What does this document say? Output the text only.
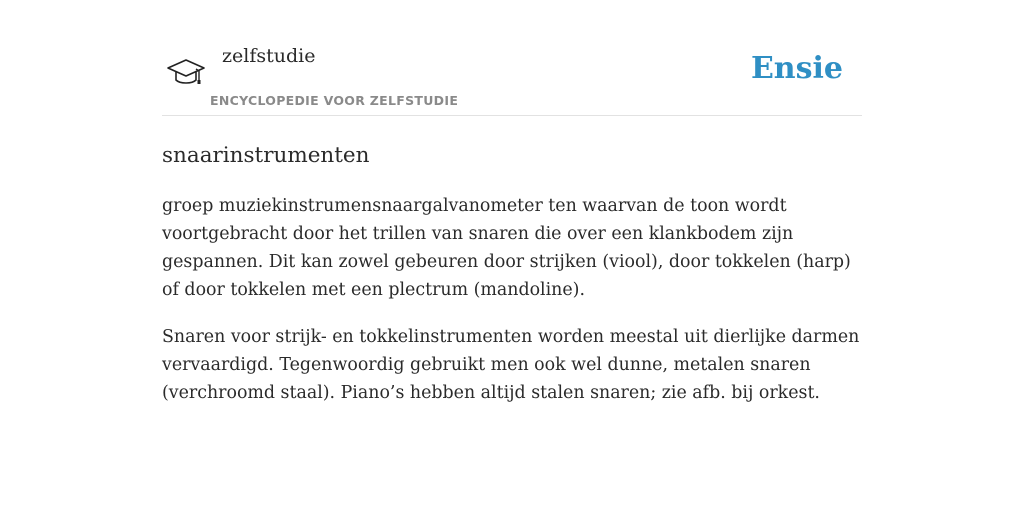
zelfstudie
ENCYCLOPEDIE VOOR ZELFSTUDIE
Ensie
snaarinstrumenten

groep muziekinstrumensnaargalvanometer ten waarvan de toon wordt voortgebracht door het trillen van snaren die over een klankbodem zijn gespannen. Dit kan zowel gebeuren door strijken (viool), door tokkelen (harp) of door tokkelen met een plectrum (mandoline).

Snaren voor strijk- en tokkelinstrumenten worden meestal uit dierlijke darmen vervaardigd. Tegenwoordig gebruikt men ook wel dunne, metalen snaren (verchroomd staal). Piano’s hebben altijd stalen snaren; zie afb. bij orkest.
